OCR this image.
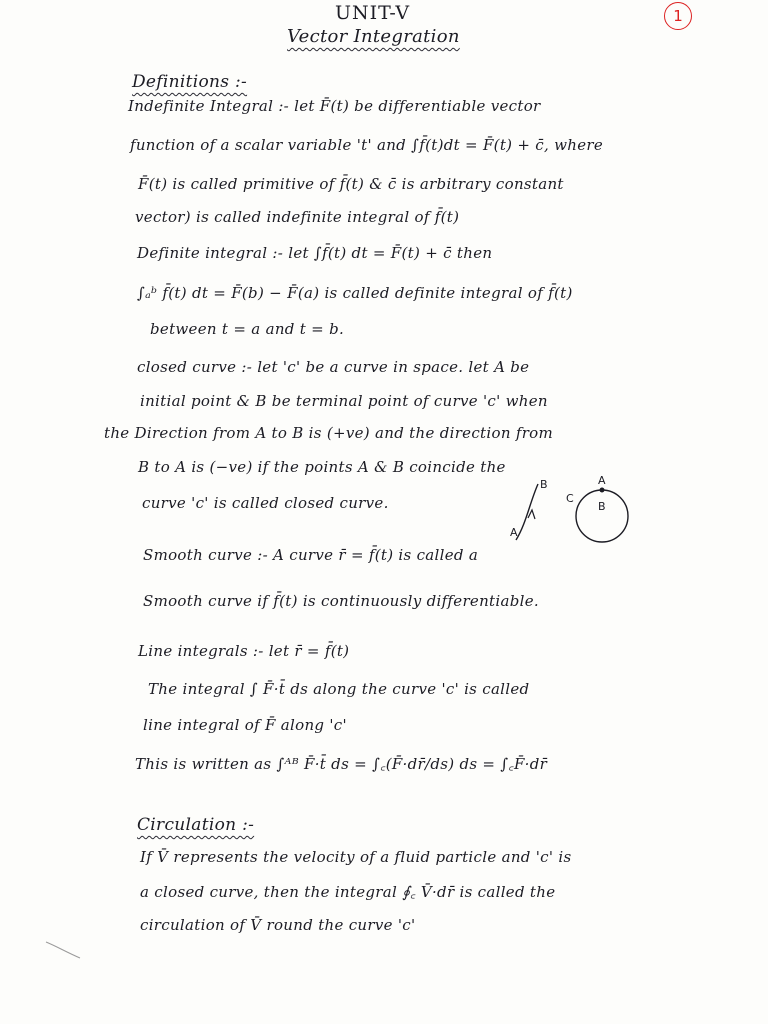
1
UNIT-V
Vector Integration
Definitions :-
Indefinite Integral :- let F̄(t) be differentiable vector
function of a scalar variable 't' and ∫f̄(t)dt = F̄(t) + c̄, where
F̄(t) is called primitive of f̄(t) & c̄ is arbitrary constant
vector) is called indefinite integral of f̄(t)
Definite integral :- let ∫f̄(t) dt = F̄(t) + c̄ then
∫ₐᵇ f̄(t) dt = F̄(b) − F̄(a) is called definite integral of f̄(t)
between t = a and t = b.
closed curve :- let 'c' be a curve in space. let A be
initial point & B be terminal point of curve 'c' when
the Direction from A to B is (+ve) and the direction from
B to A is (−ve) if the points A & B coincide the
curve 'c' is called closed curve.
A
B	A
B
C
Smooth curve :- A curve r̄ = f̄(t) is called a
Smooth curve if f̄(t) is continuously differentiable.
Line integrals :- let r̄ = f̄(t)
The integral ∫ F̄·t̄ ds along the curve 'c' is called
line integral of F̄ along 'c'
This is written as ∫ᴬᴮ F̄·t̄ ds = ∫꜀(F̄·dr̄/ds) ds = ∫꜀F̄·dr̄
Circulation :-
If V̄ represents the velocity of a fluid particle and 'c' is
a closed curve, then the integral ∮꜀ V̄·dr̄ is called the
circulation of V̄ round the curve 'c'
